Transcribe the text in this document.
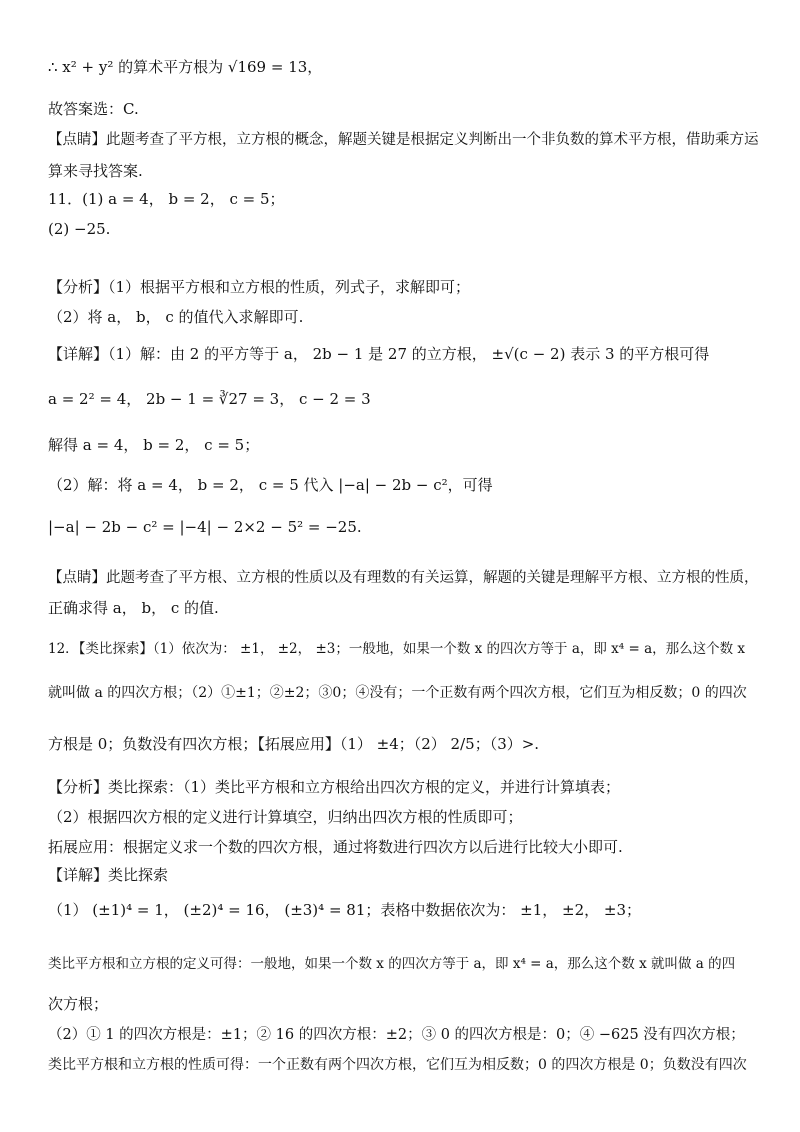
∴ x² + y² 的算术平方根为 √169 = 13，
故答案选：C.
【点睛】此题考查了平方根，立方根的概念，解题关键是根据定义判断出一个非负数的算术平方根，借助乘方运
算来寻找答案.
11．(1) a = 4， b = 2， c = 5；
(2) −25.
【分析】（1）根据平方根和立方根的性质，列式子，求解即可；
（2）将 a， b， c 的值代入求解即可.
【详解】（1）解：由 2 的平方等于 a， 2b − 1 是 27 的立方根， ±√(c − 2) 表示 3 的平方根可得
a = 2² = 4， 2b − 1 = ∛27 = 3， c − 2 = 3
解得 a = 4， b = 2， c = 5；
（2）解：将 a = 4， b = 2， c = 5 代入 |−a| − 2b − c²，可得
|−a| − 2b − c² = |−4| − 2×2 − 5² = −25.
【点睛】此题考查了平方根、立方根的性质以及有理数的有关运算，解题的关键是理解平方根、立方根的性质，
正确求得 a， b， c 的值.
12．【类比探索】（1）依次为： ±1， ±2， ±3；一般地，如果一个数 x 的四次方等于 a，即 x⁴ = a，那么这个数 x
就叫做 a 的四次方根；（2）①±1；②±2；③0；④没有；一个正数有两个四次方根，它们互为相反数；0 的四次
方根是 0；负数没有四次方根；【拓展应用】（1） ±4；（2） 2/5；（3）>.
【分析】类比探索：（1）类比平方根和立方根给出四次方根的定义，并进行计算填表；
（2）根据四次方根的定义进行计算填空，归纳出四次方根的性质即可；
拓展应用：根据定义求一个数的四次方根，通过将数进行四次方以后进行比较大小即可.
【详解】类比探索
（1） (±1)⁴ = 1， (±2)⁴ = 16， (±3)⁴ = 81；表格中数据依次为： ±1， ±2， ±3；
类比平方根和立方根的定义可得：一般地，如果一个数 x 的四次方等于 a，即 x⁴ = a，那么这个数 x 就叫做 a 的四
次方根；
（2）① 1 的四次方根是：±1；② 16 的四次方根：±2；③ 0 的四次方根是：0；④ −625 没有四次方根；
类比平方根和立方根的性质可得：一个正数有两个四次方根，它们互为相反数；0 的四次方根是 0；负数没有四次
